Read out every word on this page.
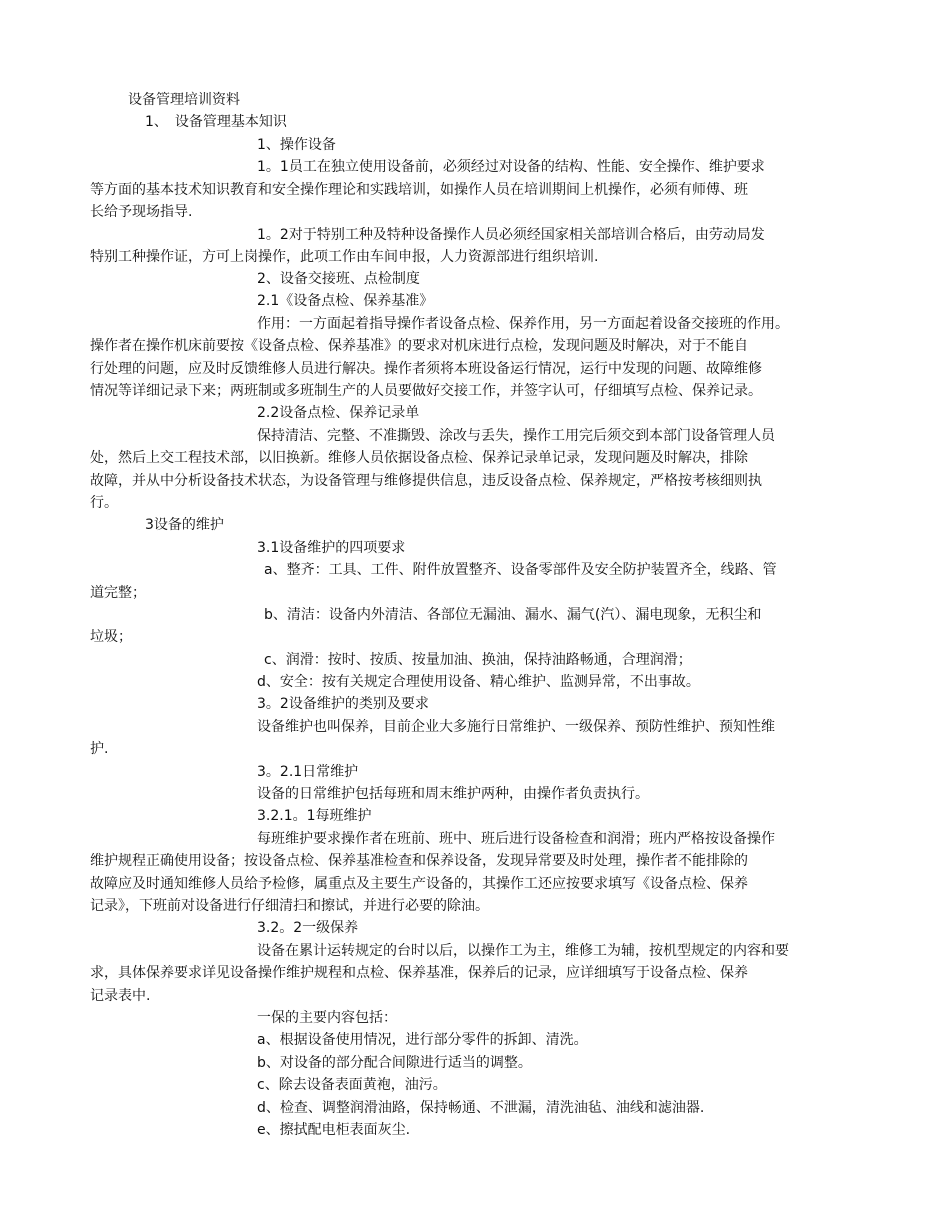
设备管理培训资料
1、　设备管理基本知识
1、操作设备
1。1员工在独立使用设备前，必须经过对设备的结构、性能、安全操作、维护要求
等方面的基本技术知识教育和安全操作理论和实践培训，如操作人员在培训期间上机操作，必须有师傅、班
长给予现场指导.
1。2对于特别工种及特种设备操作人员必须经国家相关部培训合格后，由劳动局发
特别工种操作证，方可上岗操作，此项工作由车间申报，人力资源部进行组织培训.
2、设备交接班、点检制度
2.1《设备点检、保养基准》
作用：一方面起着指导操作者设备点检、保养作用，另一方面起着设备交接班的作用。
操作者在操作机床前要按《设备点检、保养基准》的要求对机床进行点检，发现问题及时解决，对于不能自
行处理的问题，应及时反馈维修人员进行解决。操作者须将本班设备运行情况，运行中发现的问题、故障维修
情况等详细记录下来；两班制或多班制生产的人员要做好交接工作，并签字认可，仔细填写点检、保养记录。
2.2设备点检、保养记录单
保持清洁、完整、不准撕毁、涂改与丢失，操作工用完后须交到本部门设备管理人员
处，然后上交工程技术部，以旧换新。维修人员依据设备点检、保养记录单记录，发现问题及时解决，排除
故障，并从中分析设备技术状态，为设备管理与维修提供信息，违反设备点检、保养规定，严格按考核细则执
行。
3设备的维护
3.1设备维护的四项要求
a、整齐：工具、工件、附件放置整齐、设备零部件及安全防护装置齐全，线路、管
道完整；
b、清洁：设备内外清洁、各部位无漏油、漏水、漏气(汽）、漏电现象，无积尘和
垃圾；
c、润滑：按时、按质、按量加油、换油，保持油路畅通，合理润滑；
d、安全：按有关规定合理使用设备、精心维护、监测异常，不出事故。
3。2设备维护的类别及要求
设备维护也叫保养，目前企业大多施行日常维护、一级保养、预防性维护、预知性维
护.
3。2.1日常维护
设备的日常维护包括每班和周末维护两种，由操作者负责执行。
3.2.1。1每班维护
每班维护要求操作者在班前、班中、班后进行设备检查和润滑；班内严格按设备操作
维护规程正确使用设备；按设备点检、保养基准检查和保养设备，发现异常要及时处理，操作者不能排除的
故障应及时通知维修人员给予检修，属重点及主要生产设备的，其操作工还应按要求填写《设备点检、保养
记录》，下班前对设备进行仔细清扫和擦试，并进行必要的除油。
3.2。2一级保养
设备在累计运转规定的台时以后，以操作工为主，维修工为辅，按机型规定的内容和要
求，具体保养要求详见设备操作维护规程和点检、保养基准，保养后的记录，应详细填写于设备点检、保养
记录表中.
一保的主要内容包括：
a、根据设备使用情况，进行部分零件的拆卸、清洗。
b、对设备的部分配合间隙进行适当的调整。
c、除去设备表面黄袍，油污。
d、检查、调整润滑油路，保持畅通、不泄漏，清洗油毡、油线和滤油器.
e、擦拭配电柜表面灰尘.
